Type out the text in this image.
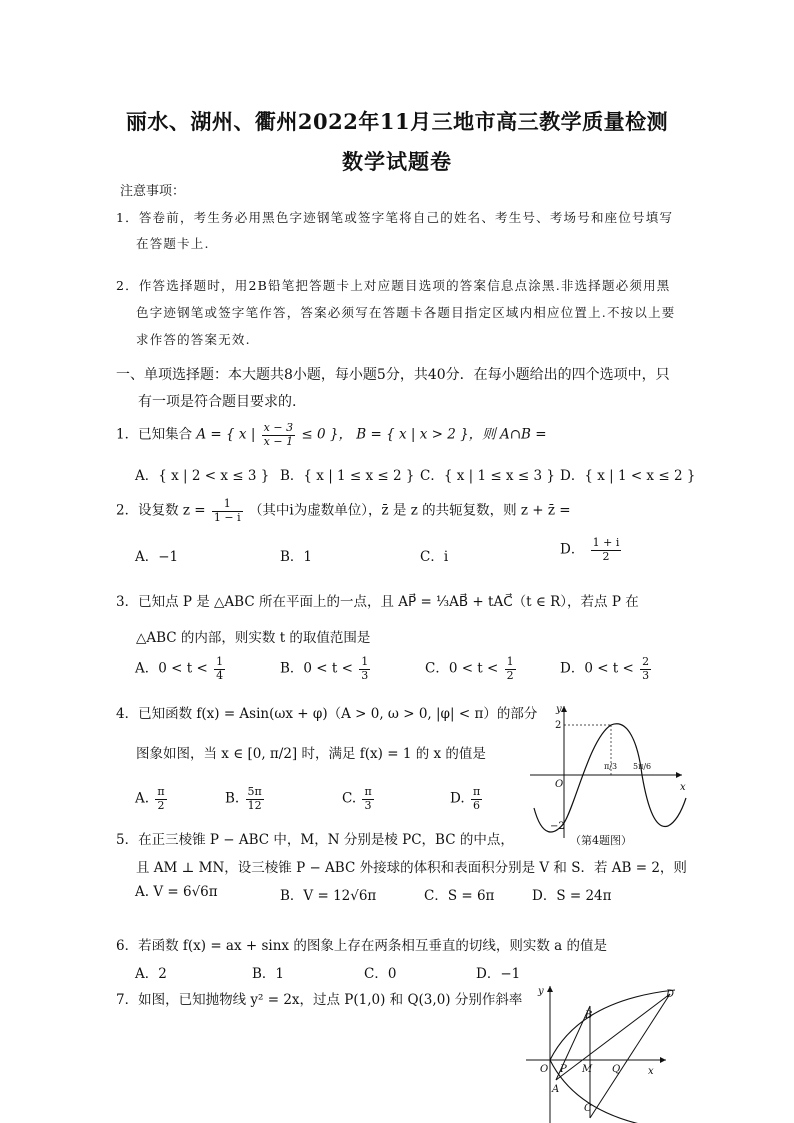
丽水、湖州、衢州2022年11月三地市高三教学质量检测
数学试题卷
注意事项：
1．答卷前，考生务必用黑色字迹钢笔或签字笔将自己的姓名、考生号、考场号和座位号填写
在答题卡上.
2．作答选择题时，用2B铅笔把答题卡上对应题目选项的答案信息点涂黑.非选择题必须用黑
色字迹钢笔或签字笔作答，答案必须写在答题卡各题目指定区域内相应位置上.不按以上要
求作答的答案无效.
一、单项选择题：本大题共8小题，每小题5分，共40分．在每小题给出的四个选项中，只
有一项是符合题目要求的.
1．已知集合 A = { x | $\frac{x - 3}{x - 1} \le 0$ }， B = { x | x > 2 }，则 A∩B =
A．{ x | 2 < x ≤ 3 } B．{ x | 1 ≤ x ≤ 2 } C．{ x | 1 ≤ x ≤ 3 } D．{ x | 1 < x ≤ 2 }
2．设复数 $z = \frac{1}{1 - i}$ （其中i为虚数单位），z̄ 是 z 的共轭复数，则 z + z̄ =
A．−1	B．1	C．i	D． $\frac{1 + i}{2}$
3．已知点 P 是 △ABC 所在平面上的一点，且 AP⃗ = ⅓AB⃗ + tAC⃗（t ∈ R），若点 P 在
△ABC 的内部，则实数 t 的取值范围是
A．$0 < t < \frac{1}{4}$	B．$0 < t < \frac{1}{3}$	C．$0 < t < \frac{1}{2}$	D．$0 < t < \frac{2}{3}$
4．已知函数 f(x) = Asin(ωx + φ)（A > 0, ω > 0, |φ| < π）的部分
图象如图，当 x ∈ [0, π/2] 时，满足 f(x) = 1 的 x 的值是
A. $\frac{\pi}{2}$	B. $\frac{5\pi}{12}$	C. $\frac{\pi}{3}$	D. $\frac{\pi}{6}$
y
x
O
2
−2
π/3 5π/6
（第4题图）
5．在正三棱锥 P − ABC 中，M，N 分别是棱 PC，BC 的中点，
且 AM ⊥ MN，设三棱锥 P − ABC 外接球的体积和表面积分别是 V 和 S．若 AB = 2，则
A. V = 6√6π	B．V = 12√6π	C．S = 6π	D．S = 24π
6．若函数 f(x) = ax + sinx 的图象上存在两条相互垂直的切线，则实数 a 的值是
A．2	B．1	C．0	D．−1
7．如图，已知抛物线 y² = 2x，过点 P(1,0) 和 Q(3,0) 分别作斜率
y
x
O
A
B
C
D
P M Q
